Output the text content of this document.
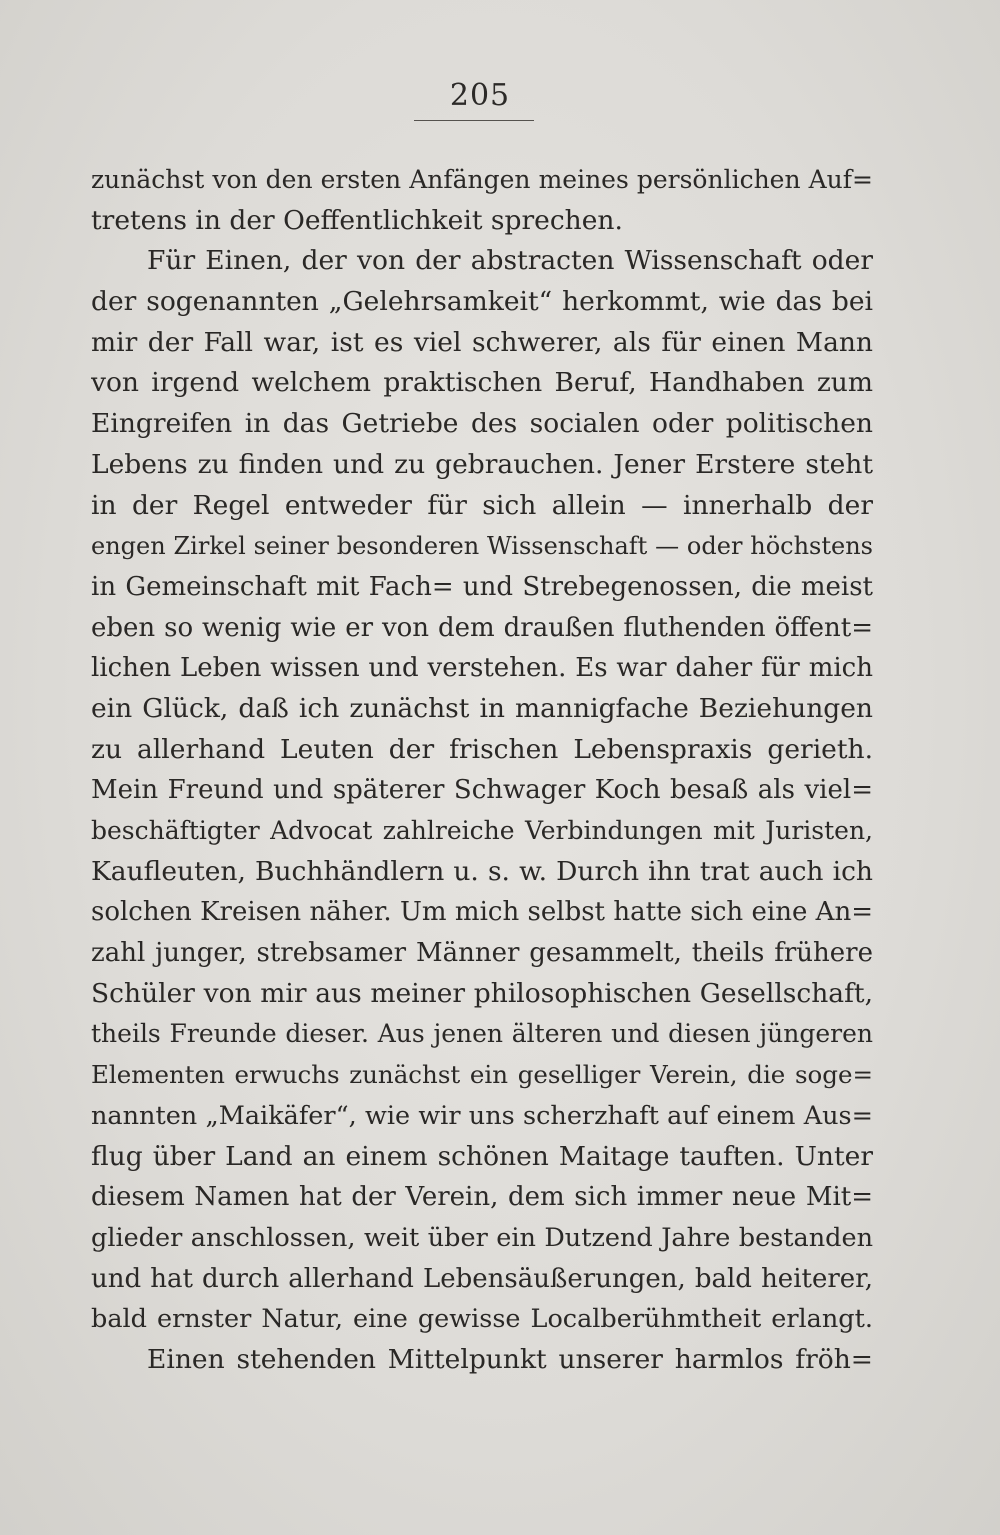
205
zunächst von den ersten Anfängen meines persönlichen Auf=
tretens in der Oeffentlichkeit sprechen.
Für Einen, der von der abstracten Wissenschaft oder
der sogenannten „Gelehrsamkeit“ herkommt, wie das bei
mir der Fall war, ist es viel schwerer, als für einen Mann
von irgend welchem praktischen Beruf, Handhaben zum
Eingreifen in das Getriebe des socialen oder politischen
Lebens zu finden und zu gebrauchen. Jener Erstere steht
in der Regel entweder für sich allein — innerhalb der
engen Zirkel seiner besonderen Wissenschaft — oder höchstens
in Gemeinschaft mit Fach= und Strebegenossen, die meist
eben so wenig wie er von dem draußen fluthenden öffent=
lichen Leben wissen und verstehen. Es war daher für mich
ein Glück, daß ich zunächst in mannigfache Beziehungen
zu allerhand Leuten der frischen Lebenspraxis gerieth.
Mein Freund und späterer Schwager Koch besaß als viel=
beschäftigter Advocat zahlreiche Verbindungen mit Juristen,
Kaufleuten, Buchhändlern u. s. w. Durch ihn trat auch ich
solchen Kreisen näher. Um mich selbst hatte sich eine An=
zahl junger, strebsamer Männer gesammelt, theils frühere
Schüler von mir aus meiner philosophischen Gesellschaft,
theils Freunde dieser. Aus jenen älteren und diesen jüngeren
Elementen erwuchs zunächst ein geselliger Verein, die soge=
nannten „Maikäfer“, wie wir uns scherzhaft auf einem Aus=
flug über Land an einem schönen Maitage tauften. Unter
diesem Namen hat der Verein, dem sich immer neue Mit=
glieder anschlossen, weit über ein Dutzend Jahre bestanden
und hat durch allerhand Lebensäußerungen, bald heiterer,
bald ernster Natur, eine gewisse Localberühmtheit erlangt.
Einen stehenden Mittelpunkt unserer harmlos fröh=
